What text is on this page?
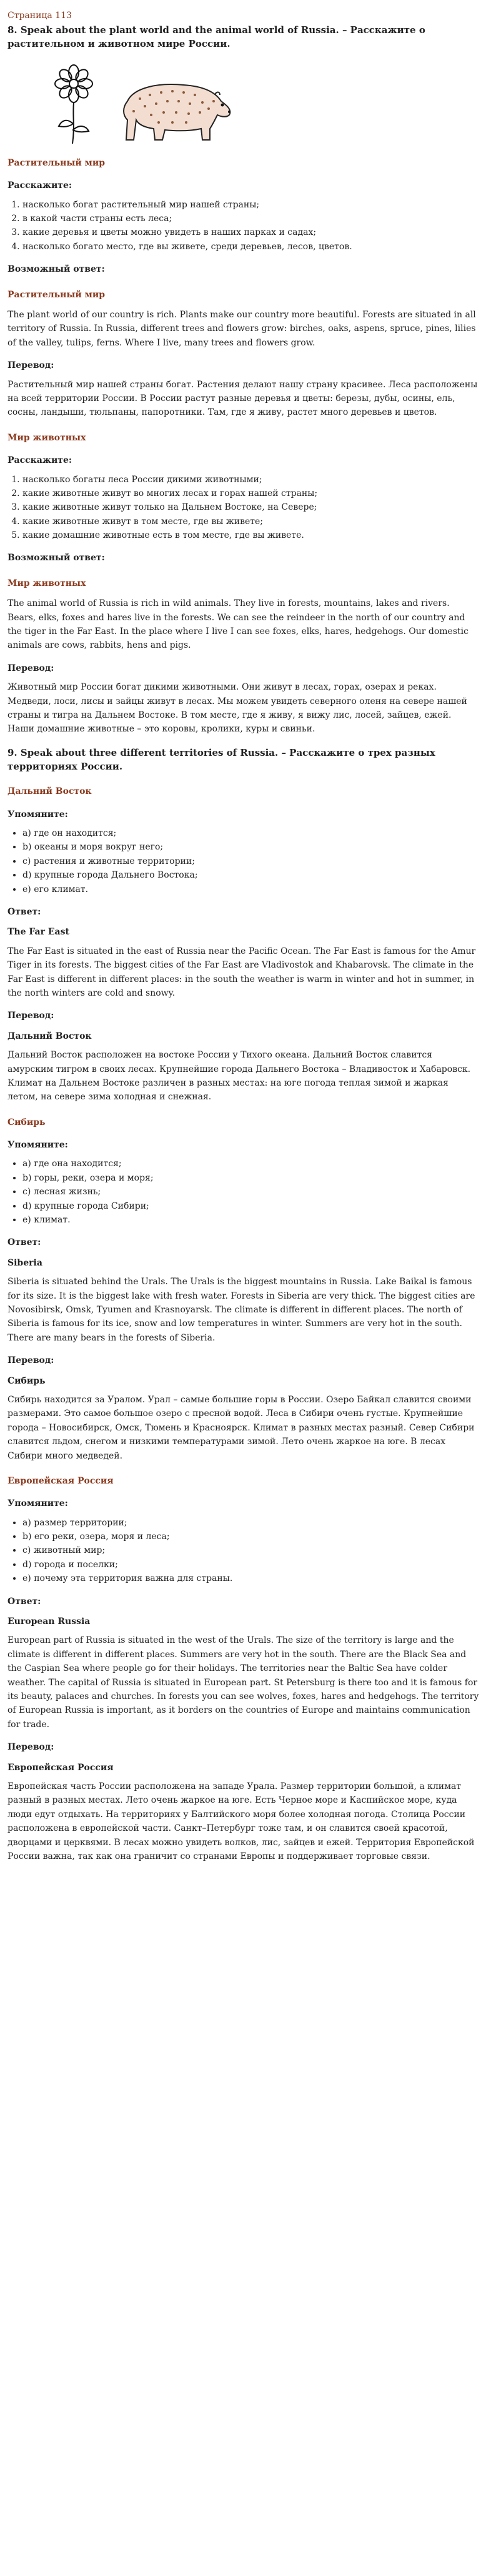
Страница 113
8. Speak about the plant world and the animal world of Russia. – Расскажите о растительном и животном мире России.
Растительный мир
Расскажите:
1. насколько богат растительный мир нашей страны;
2. в какой части страны есть леса;
3. какие деревья и цветы можно увидеть в наших парках и садах;
4. насколько богато место, где вы живете, среди деревьев, лесов, цветов.
Возможный ответ:
Растительный мир

The plant world of our country is rich. Plants make our country more beautiful. Forests are situated in all territory of Russia. In Russia, different trees and flowers grow: birches, oaks, aspens, spruce, pines, lilies of the valley, tulips, ferns. Where I live, many trees and flowers grow.

Перевод:

Растительный мир нашей страны богат. Растения делают нашу страну красивее. Леса расположены на всей территории России. В России растут разные деревья и цветы: березы, дубы, осины, ель, сосны, ландыши, тюльпаны, папоротники. Там, где я живу, растет много деревьев и цветов.

Мир животных
Расскажите:
1. насколько богаты леса России дикими животными;
2. какие животные живут во многих лесах и горах нашей страны;
3. какие животные живут только на Дальнем Востоке, на Севере;
4. какие животные живут в том месте, где вы живете;
5. какие домашние животные есть в том месте, где вы живете.
Возможный ответ:
Мир животных

The animal world of Russia is rich in wild animals. They live in forests, mountains, lakes and rivers. Bears, elks, foxes and hares live in the forests. We can see the reindeer in the north of our country and the tiger in the Far East. In the place where I live I can see foxes, elks, hares, hedgehogs. Our domestic animals are cows, rabbits, hens and pigs.

Перевод:

Животный мир России богат дикими животными. Они живут в лесах, горах, озерах и реках. Медведи, лоси, лисы и зайцы живут в лесах. Мы можем увидеть северного оленя на севере нашей страны и тигра на Дальнем Востоке. В том месте, где я живу, я вижу лис, лосей, зайцев, ежей. Наши домашние животные – это коровы, кролики, куры и свиньи.

9. Speak about three different territories of Russia. – Расскажите о трех разных территориях России.
Дальний Восток
Упомяните:
• а) где он находится;
• b) океаны и моря вокруг него;
• c) растения и животные территории;
• d) крупные города Дальнего Востока;
• e) его климат.
Ответ:
The Far East

The Far East is situated in the east of Russia near the Pacific Ocean. The Far East is famous for the Amur Tiger in its forests. The biggest cities of the Far East are Vladivostok and Khabarovsk. The climate in the Far East is different in different places: in the south the weather is warm in winter and hot in summer, in the north winters are cold and snowy.

Перевод:
Дальний Восток

Дальний Восток расположен на востоке России у Тихого океана. Дальний Восток славится амурским тигром в своих лесах. Крупнейшие города Дальнего Востока – Владивосток и Хабаровск. Климат на Дальнем Востоке различен в разных местах: на юге погода теплая зимой и жаркая летом, на севере зима холодная и снежная.

Сибирь
Упомяните:
• а) где она находится;
• b) горы, реки, озера и моря;
• c) лесная жизнь;
• d) крупные города Сибири;
• e) климат.
Ответ:
Siberia

Siberia is situated behind the Urals. The Urals is the biggest mountains in Russia. Lake Baikal is famous for its size. It is the biggest lake with fresh water. Forests in Siberia are very thick. The biggest cities are Novosibirsk, Omsk, Tyumen and Krasnoyarsk. The climate is different in different places. The north of Siberia is famous for its ice, snow and low temperatures in winter. Summers are very hot in the south. There are many bears in the forests of Siberia.

Перевод:
Сибирь

Сибирь находится за Уралом. Урал – самые большие горы в России. Озеро Байкал славится своими размерами. Это самое большое озеро с пресной водой. Леса в Сибири очень густые. Крупнейшие города – Новосибирск, Омск, Тюмень и Красноярск. Климат в разных местах разный. Север Сибири славится льдом, снегом и низкими температурами зимой. Лето очень жаркое на юге. В лесах Сибири много медведей.

Европейская Россия
Упомяните:
• а) размер территории;
• b) его реки, озера, моря и леса;
• c) животный мир;
• d) города и поселки;
• e) почему эта территория важна для страны.
Ответ:
European Russia

European part of Russia is situated in the west of the Urals. The size of the territory is large and the climate is different in different places. Summers are very hot in the south. There are the Black Sea and the Caspian Sea where people go for their holidays. The territories near the Baltic Sea have colder weather. The capital of Russia is situated in European part. St Petersburg is there too and it is famous for its beauty, palaces and churches. In forests you can see wolves, foxes, hares and hedgehogs. The territory of European Russia is important, as it borders on the countries of Europe and maintains communication for trade.

Перевод:
Европейская Россия

Европейская часть России расположена на западе Урала. Размер территории большой, а климат разный в разных местах. Лето очень жаркое на юге. Есть Черное море и Каспийское море, куда люди едут отдыхать. На территориях у Балтийского моря более холодная погода. Столица России расположена в европейской части. Санкт–Петербург тоже там, и он славится своей красотой, дворцами и церквями. В лесах можно увидеть волков, лис, зайцев и ежей. Территория Европейской России важна, так как она граничит со странами Европы и поддерживает торговые связи.
